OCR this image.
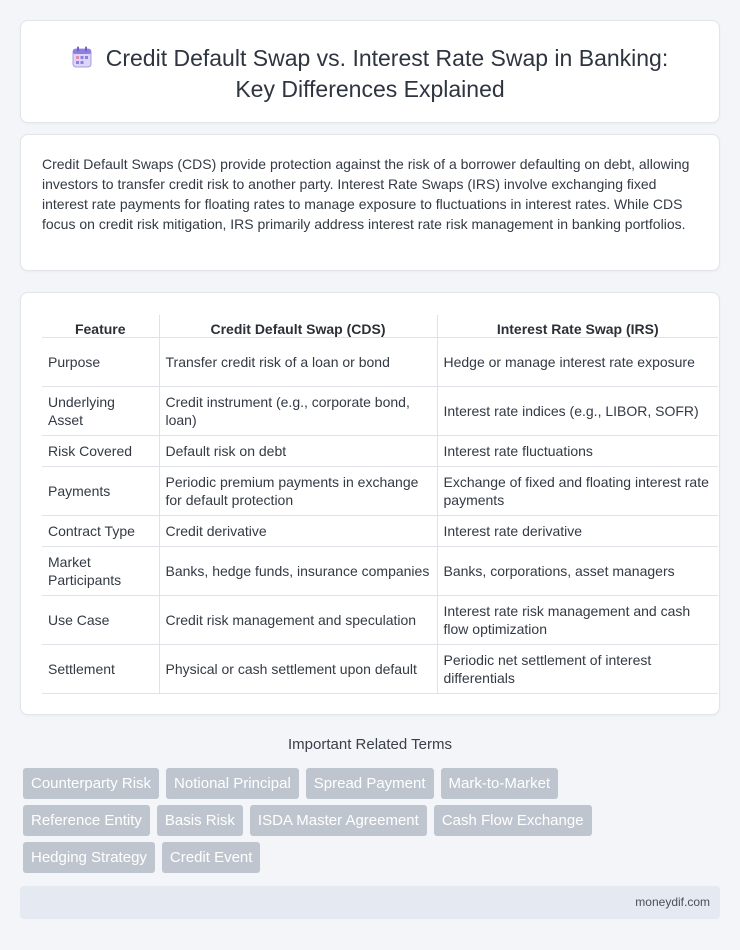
Credit Default Swap vs. Interest Rate Swap in Banking:
Key Differences Explained

Credit Default Swaps (CDS) provide protection against the risk of a borrower defaulting on debt, allowing investors to transfer credit risk to another party. Interest Rate Swaps (IRS) involve exchanging fixed interest rate payments for floating rates to manage exposure to fluctuations in interest rates. While CDS focus on credit risk mitigation, IRS primarily address interest rate risk management in banking portfolios.

Feature	Credit Default Swap (CDS)	Interest Rate Swap (IRS)
Purpose	Transfer credit risk of a loan or bond	Hedge or manage interest rate exposure
Underlying Asset	Credit instrument (e.g., corporate bond, loan)	Interest rate indices (e.g., LIBOR, SOFR)
Risk Covered	Default risk on debt	Interest rate fluctuations
Payments	Periodic premium payments in exchange for default protection	Exchange of fixed and floating interest rate payments
Contract Type	Credit derivative	Interest rate derivative
Market Participants	Banks, hedge funds, insurance companies	Banks, corporations, asset managers
Use Case	Credit risk management and speculation	Interest rate risk management and cash flow optimization
Settlement	Physical or cash settlement upon default	Periodic net settlement of interest differentials
Important Related Terms
Counterparty Risk	Notional Principal	Spread Payment	Mark-to-Market
Reference Entity	Basis Risk	ISDA Master Agreement	Cash Flow Exchange
Hedging Strategy	Credit Event
moneydif.com
